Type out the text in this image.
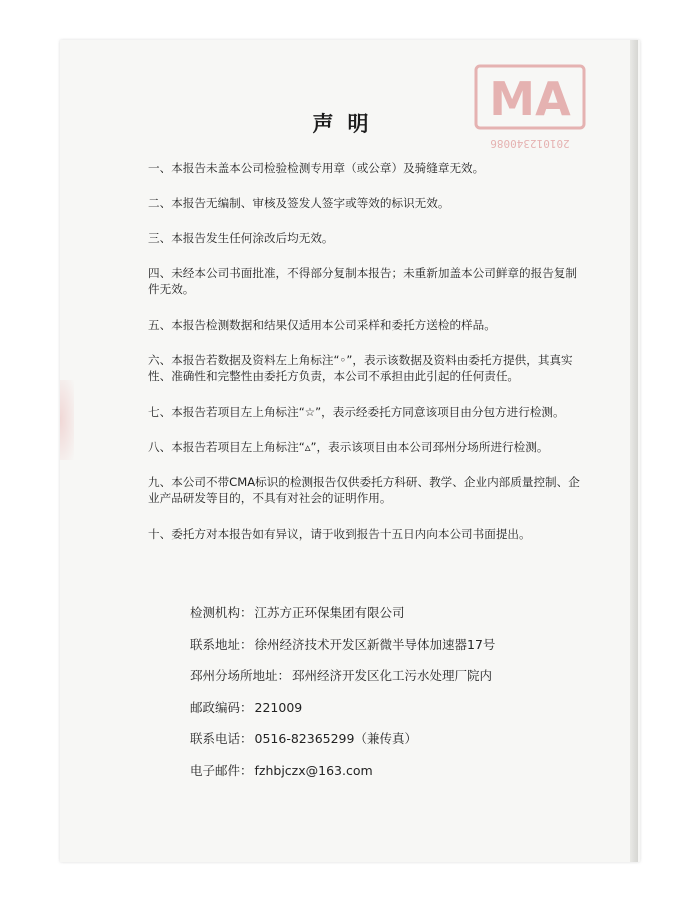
MA
201012340086
声明
一、本报告未盖本公司检验检测专用章（或公章）及骑缝章无效。
二、本报告无编制、审核及签发人签字或等效的标识无效。
三、本报告发生任何涂改后均无效。
四、未经本公司书面批准，不得部分复制本报告；未重新加盖本公司鲜章的报告复制件无效。
五、本报告检测数据和结果仅适用本公司采样和委托方送检的样品。
六、本报告若数据及资料左上角标注“◦”，表示该数据及资料由委托方提供，其真实性、准确性和完整性由委托方负责，本公司不承担由此引起的任何责任。
七、本报告若项目左上角标注“☆”，表示经委托方同意该项目由分包方进行检测。
八、本报告若项目左上角标注“▵”，表示该项目由本公司邳州分场所进行检测。
九、本公司不带CMA标识的检测报告仅供委托方科研、教学、企业内部质量控制、企业产品研发等目的，不具有对社会的证明作用。
十、委托方对本报告如有异议，请于收到报告十五日内向本公司书面提出。
检测机构： 江苏方正环保集团有限公司
联系地址： 徐州经济技术开发区新微半导体加速器17号
邳州分场所地址： 邳州经济开发区化工污水处理厂院内
邮政编码： 221009
联系电话： 0516-82365299（兼传真）
电子邮件： fzhbjczx@163.com
